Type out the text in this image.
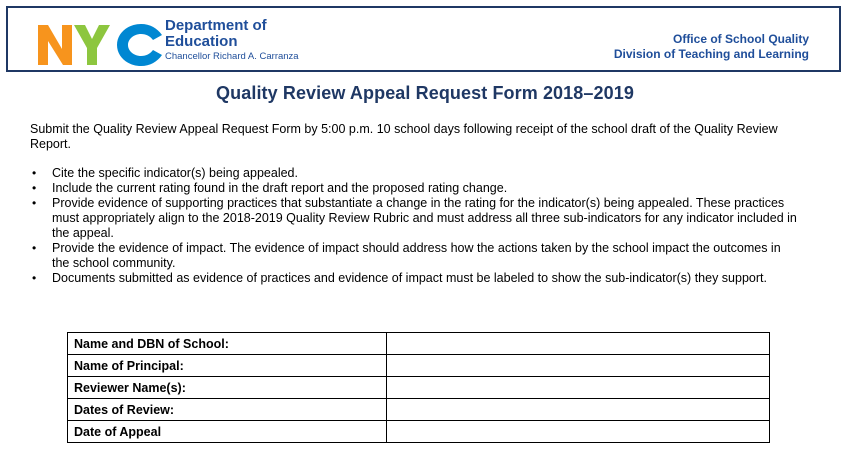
Department of
Education
Chancellor Richard A. Carranza
Office of School Quality
Division of Teaching and Learning
Quality Review Appeal Request Form 2018–2019
Submit the Quality Review Appeal Request Form by 5:00 p.m. 10 school days following receipt of the school draft of the Quality Review Report.
• Cite the specific indicator(s) being appealed.
• Include the current rating found in the draft report and the proposed rating change.
• Provide evidence of supporting practices that substantiate a change in the rating for the indicator(s) being appealed. These practices must appropriately align to the 2018-2019 Quality Review Rubric and must address all three sub-indicators for any indicator included in the appeal.
• Provide the evidence of impact. The evidence of impact should address how the actions taken by the school impact the outcomes in the school community.
• Documents submitted as evidence of practices and evidence of impact must be labeled to show the sub-indicator(s) they support.
Name and DBN of School:	
Name of Principal:	
Reviewer Name(s):	
Dates of Review:	
Date of Appeal	
